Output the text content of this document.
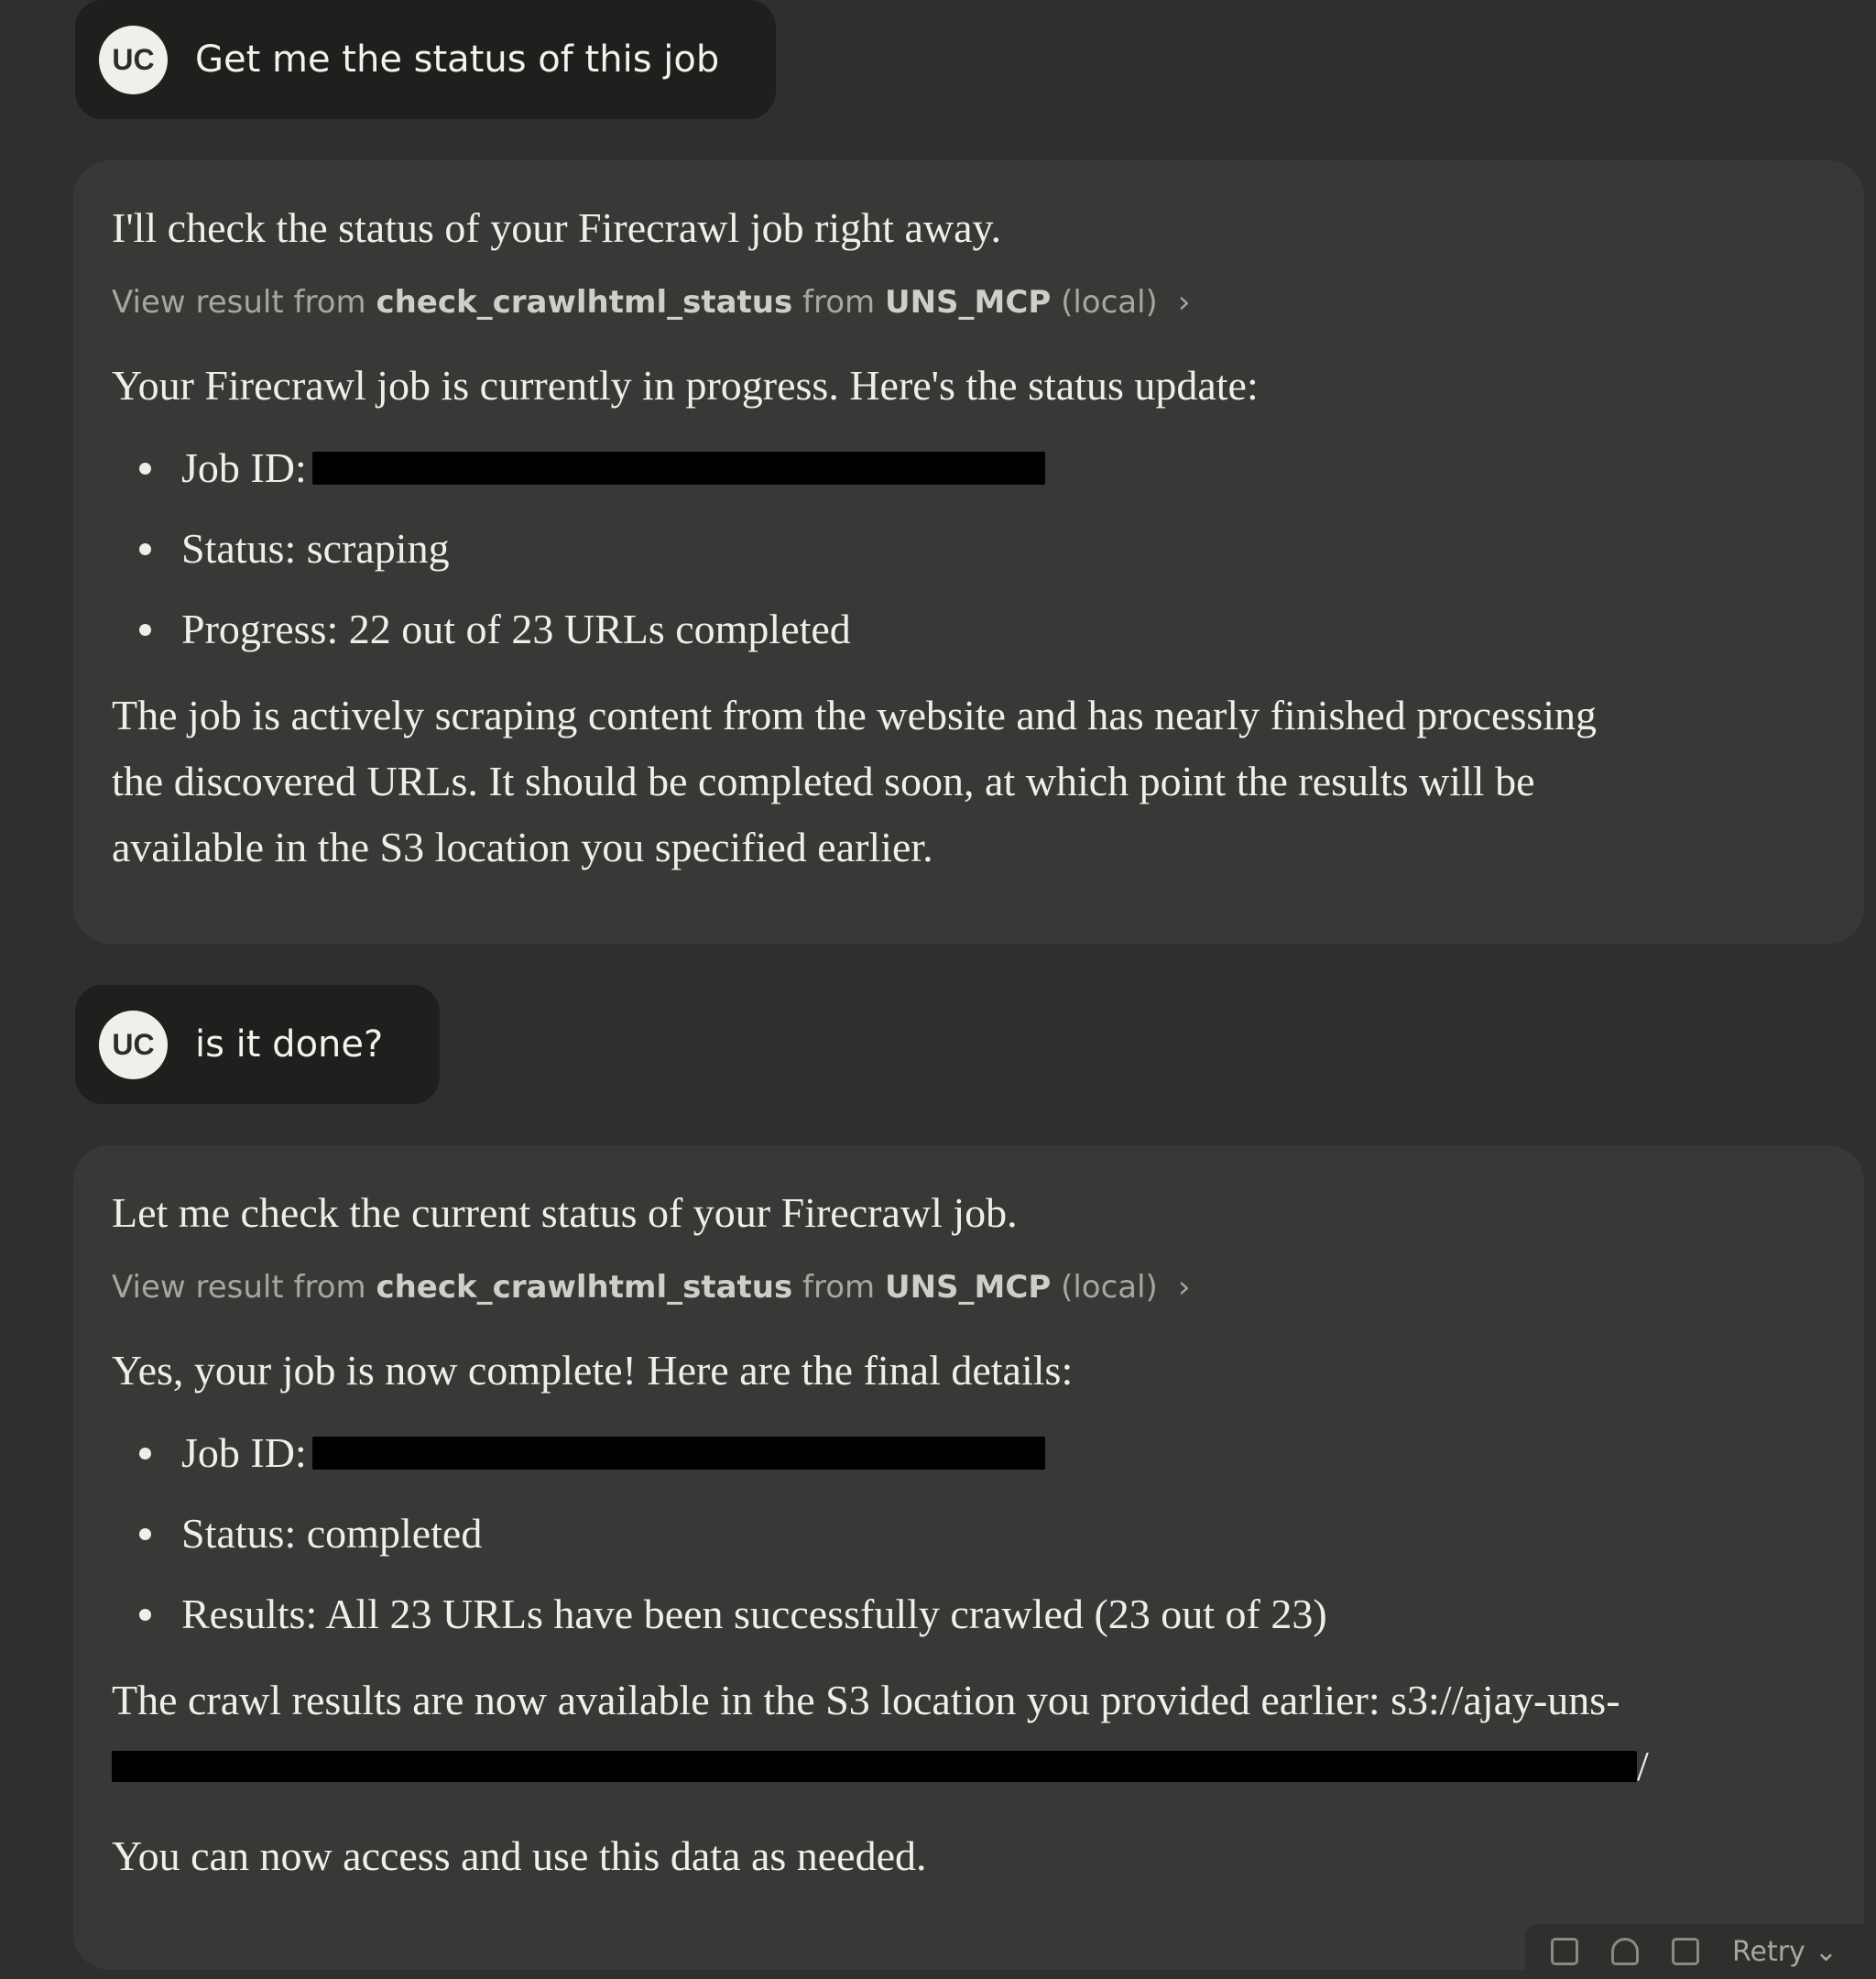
UC	Get me the status of this job

I'll check the status of your Firecrawl job right away.

View result from
check_crawlhtml_status
from
UNS_MCP
(local) ›

Your Firecrawl job is currently in progress. Here's the status update:

Job ID:
Status: scraping
Progress: 22 out of 23 URLs completed

The job is actively scraping content from the website and has nearly finished processing

the discovered URLs. It should be completed soon, at which point the results will be

available in the S3 location you specified earlier.

UC	is it done?

Let me check the current status of your Firecrawl job.

View result from
check_crawlhtml_status
from
UNS_MCP
(local) ›

Yes, your job is now complete! Here are the final details:

Job ID:
Status: completed
Results: All 23 URLs have been successfully crawled (23 out of 23)

The crawl results are now available in the S3 location you provided earlier: s3://ajay-uns-

/

You can now access and use this data as needed.

Retry ⌄
